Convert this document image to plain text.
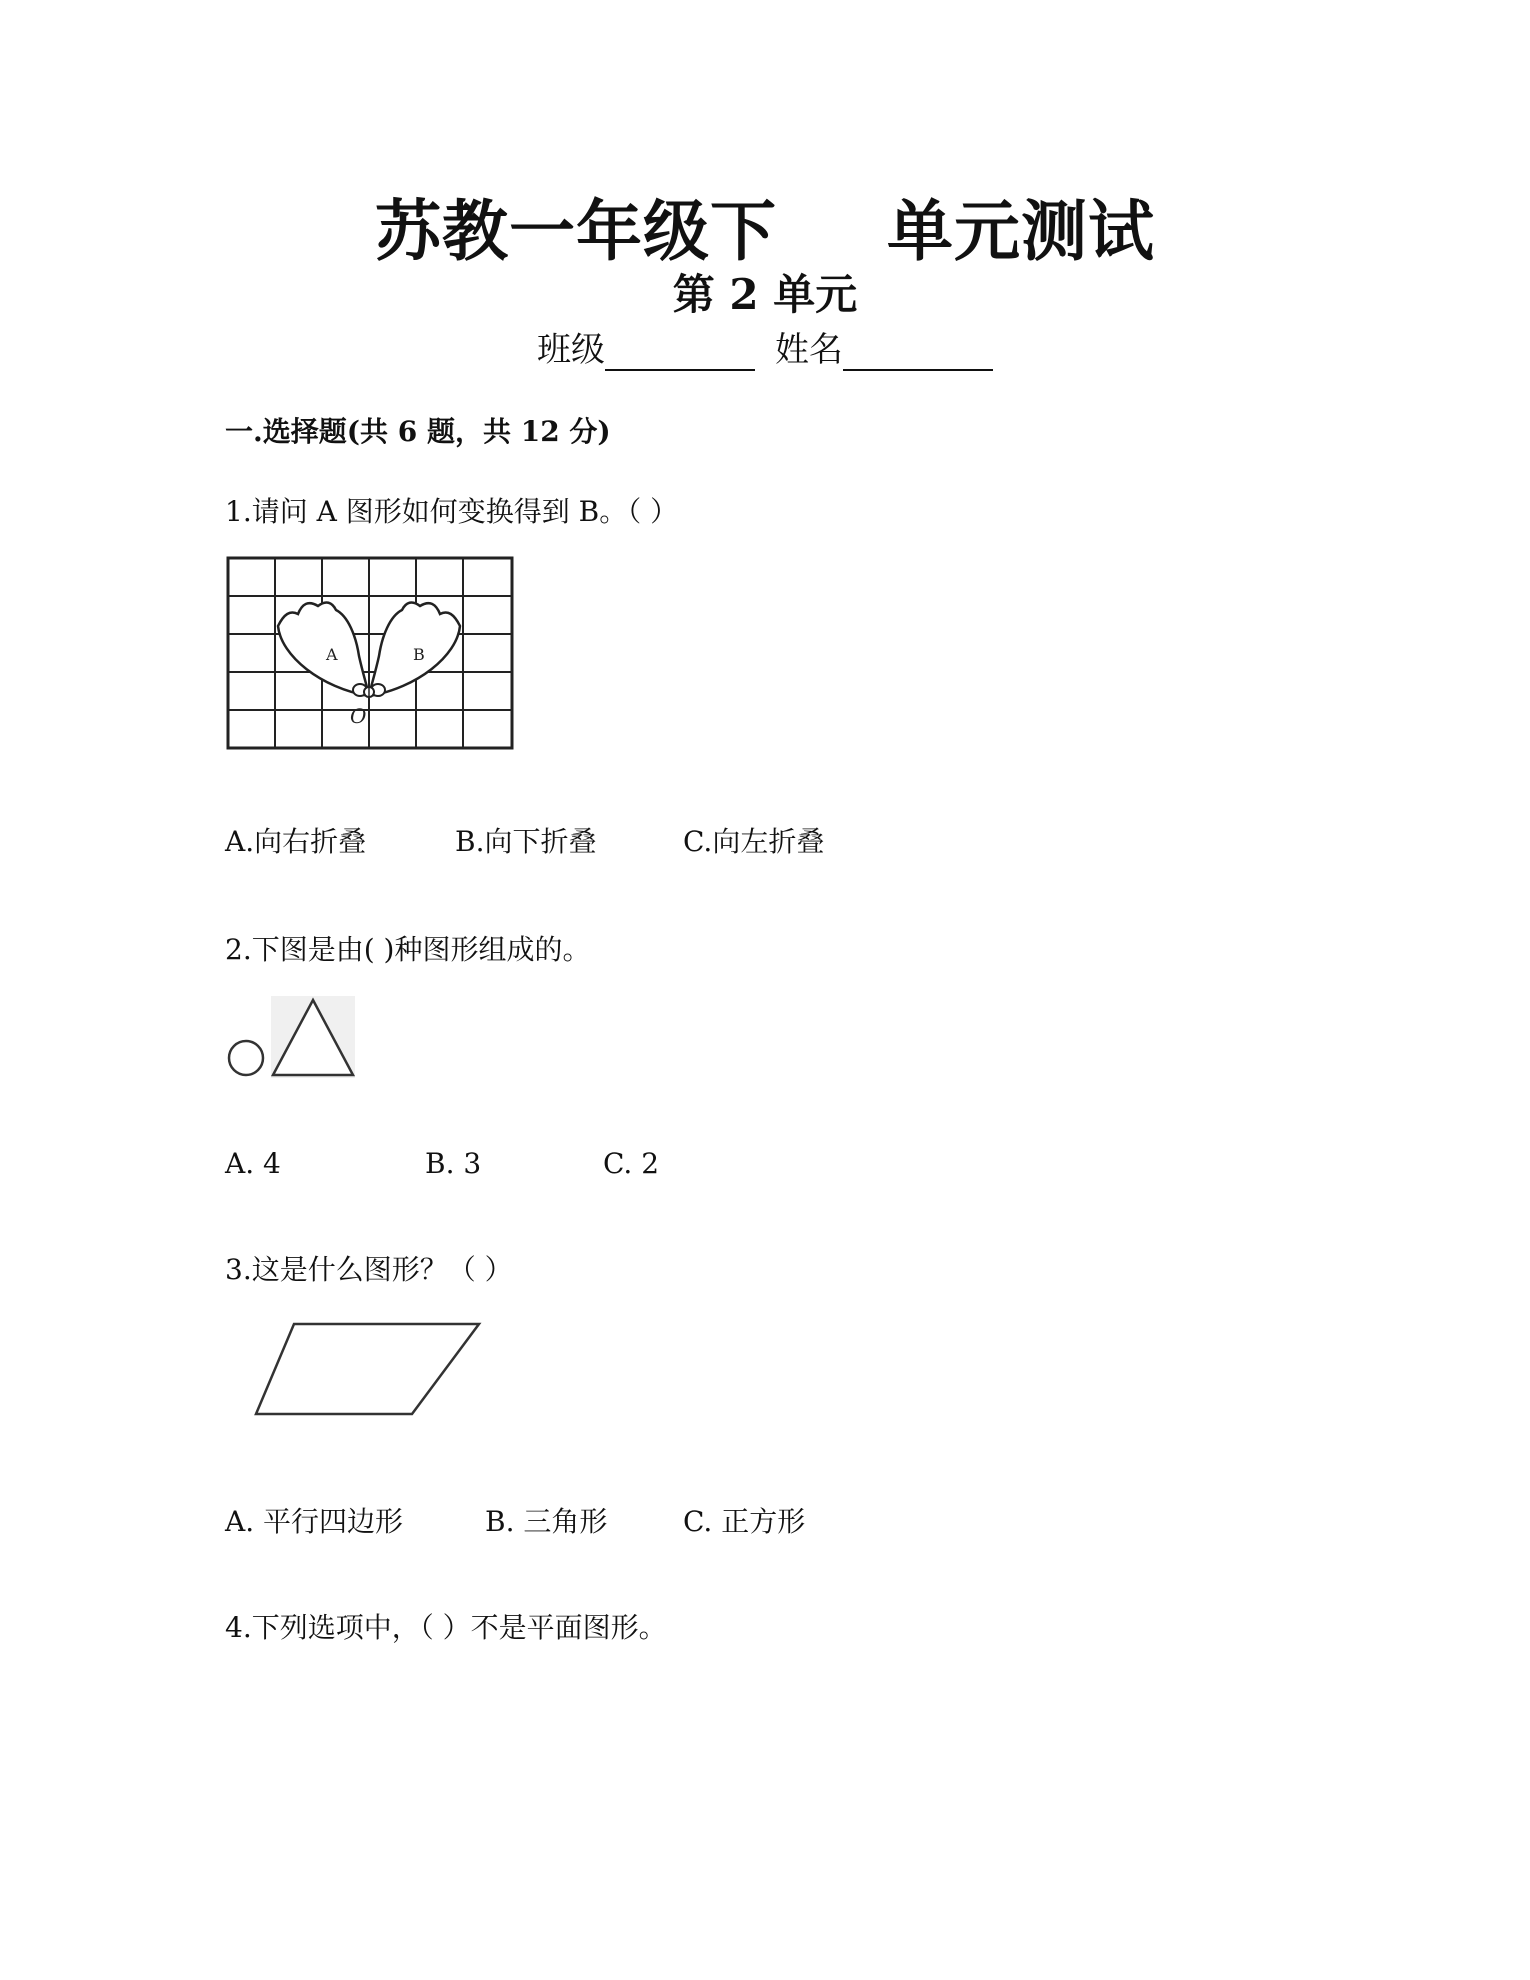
苏教一年级下 单元测试
第 2 单元
班级	姓名
一.选择题(共 6 题，共 12 分)
1.请问 A 图形如何变换得到 B。（ ）
A	B
O
A.向右折叠	B.向下折叠	C.向左折叠
2.下图是由( )种图形组成的。
A. 4	B. 3	C. 2
3.这是什么图形？（ ）
A. 平行四边形	B. 三角形	C. 正方形
4.下列选项中，（ ）不是平面图形。
